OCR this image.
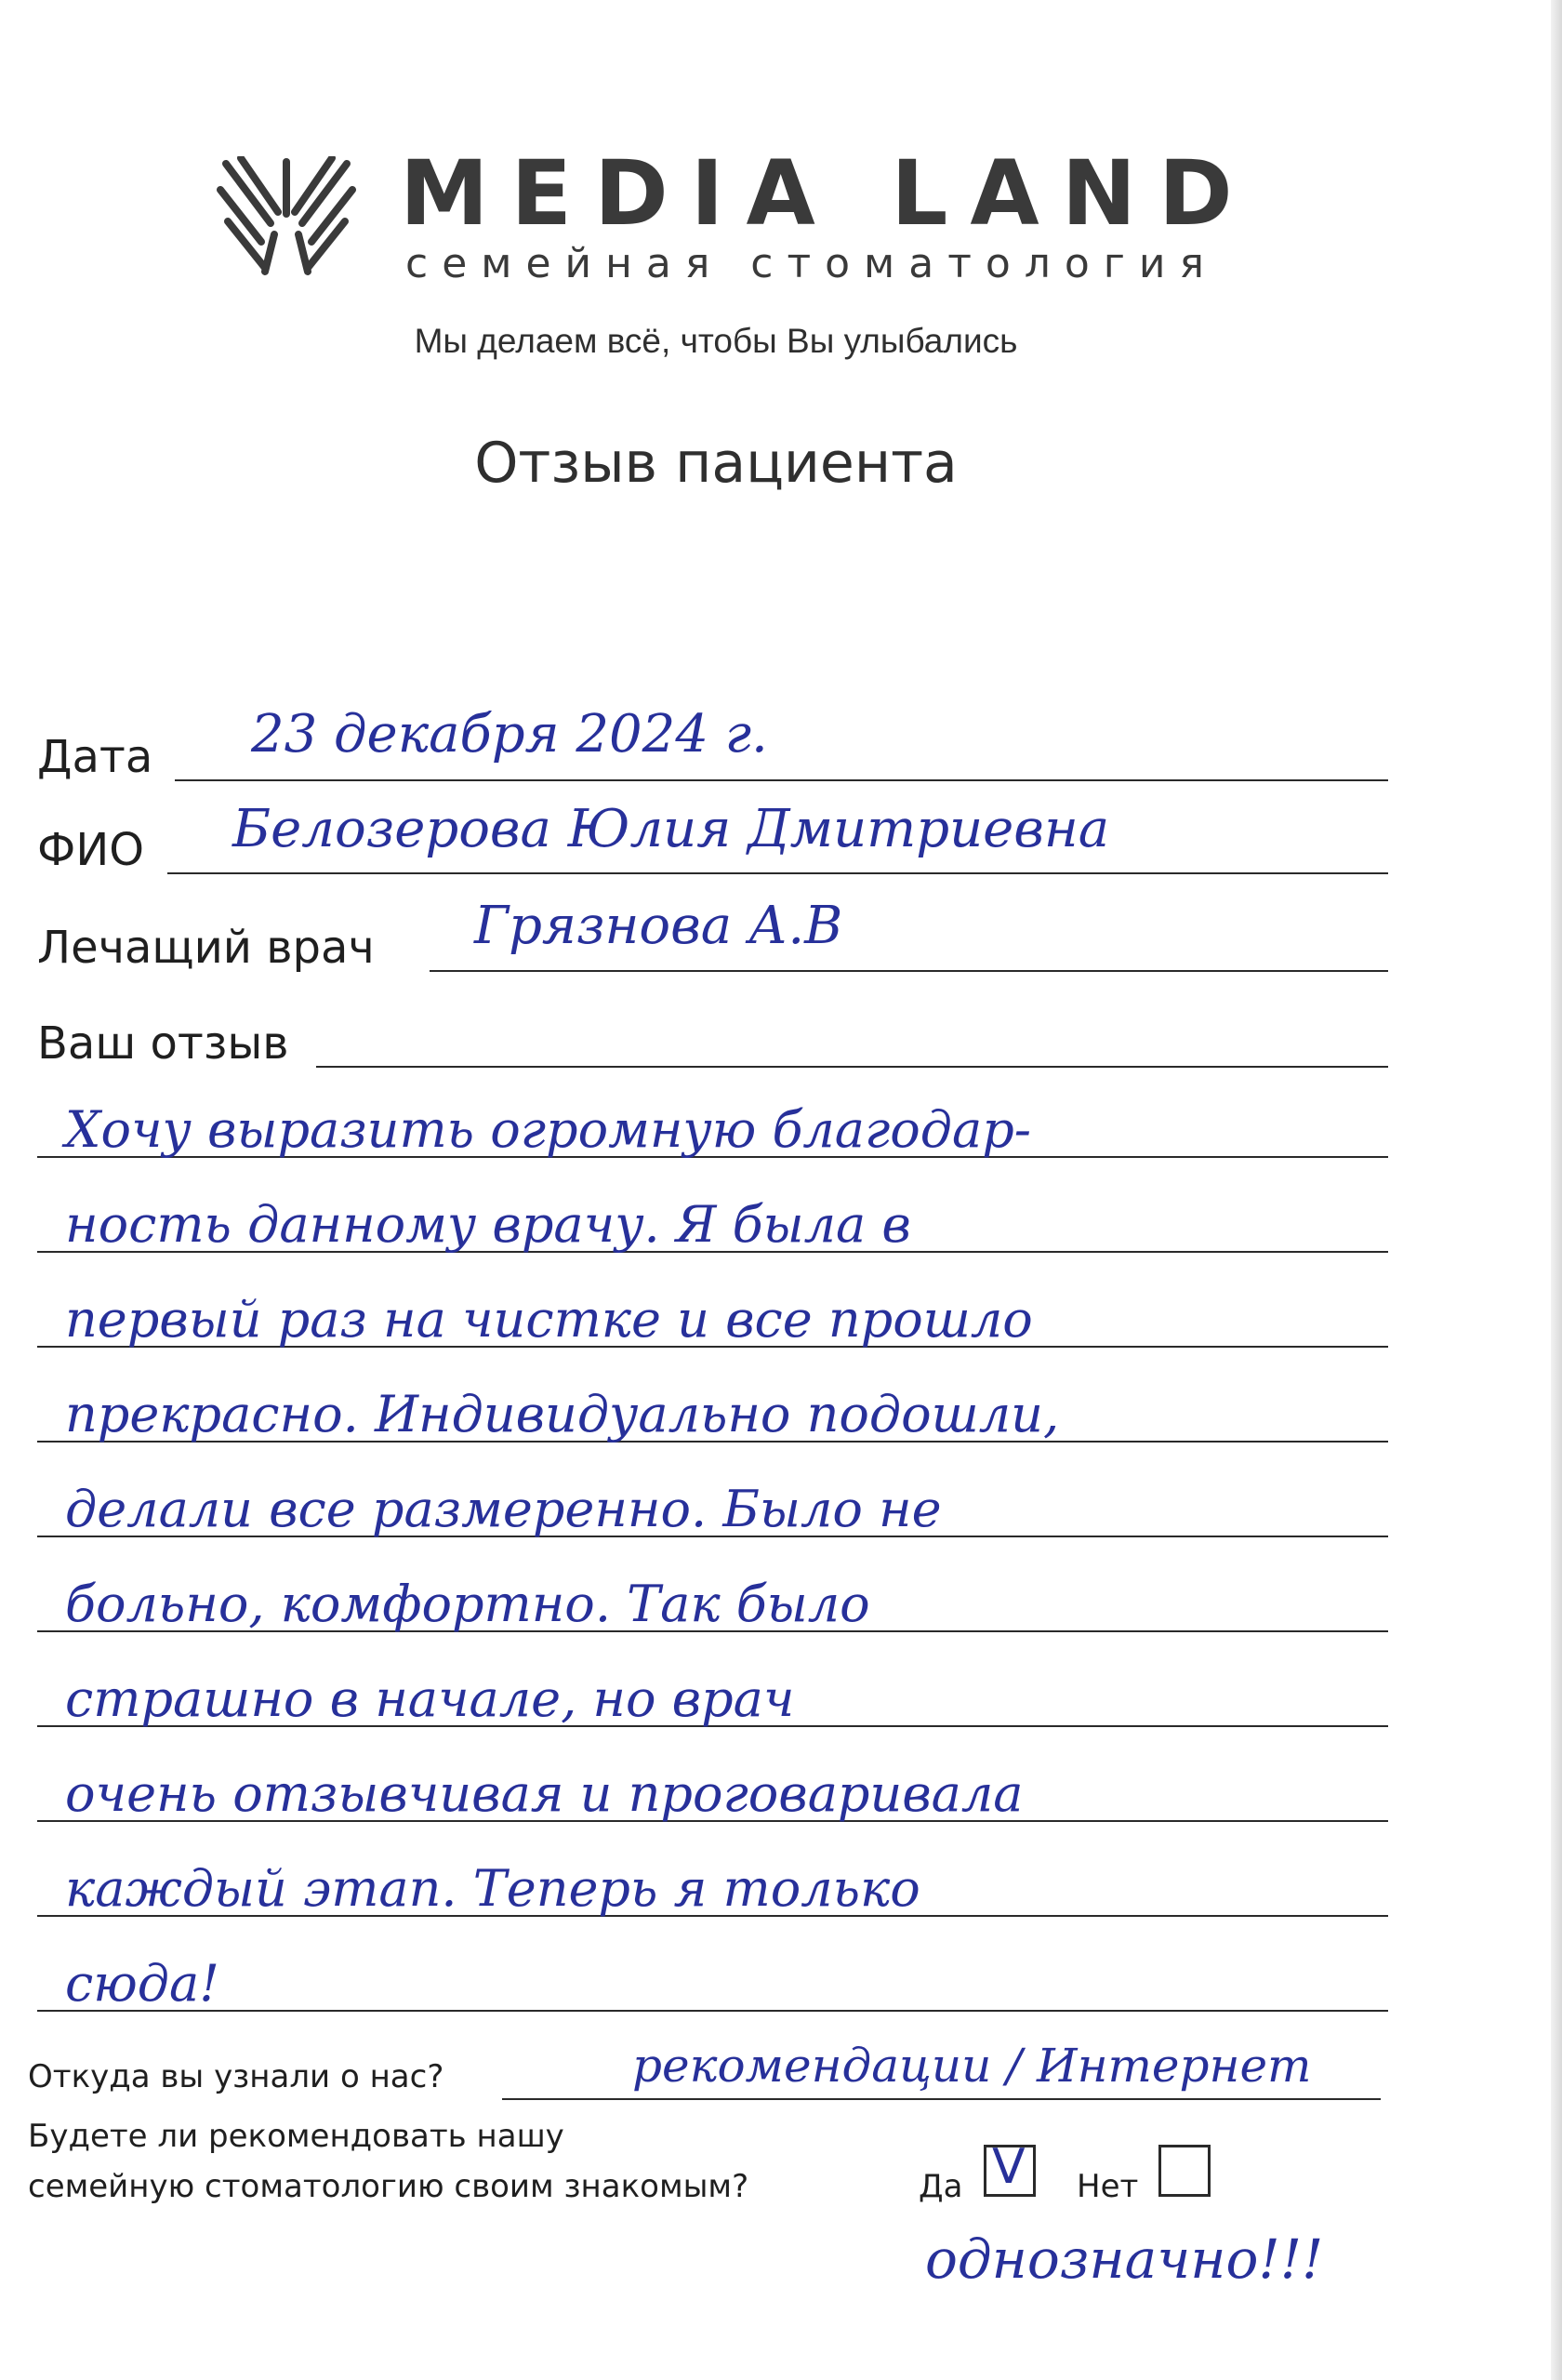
MEDIA LAND
семейная стоматология
Мы делаем всё, чтобы Вы улыбались
Отзыв пациента
Дата 23 декабря 2024 г.
ФИО Белозерова Юлия Дмитриевна
Лечащий врач Грязнова А.В
Ваш отзыв
Хочу выразить огромную благодар-
ность данному врачу. Я была в
первый раз на чистке и все прошло
прекрасно. Индивидуально подошли,
делали все размеренно. Было не
больно, комфортно. Так было
страшно в начале, но врач
очень отзывчивая и проговаривала
каждый этап. Теперь я только
сюда!
Откуда вы узнали о нас?	рекомендации / Интернет
Будете ли рекомендовать нашу
семейную стоматологию своим знакомым?	Да V Нет
однозначно!!!
